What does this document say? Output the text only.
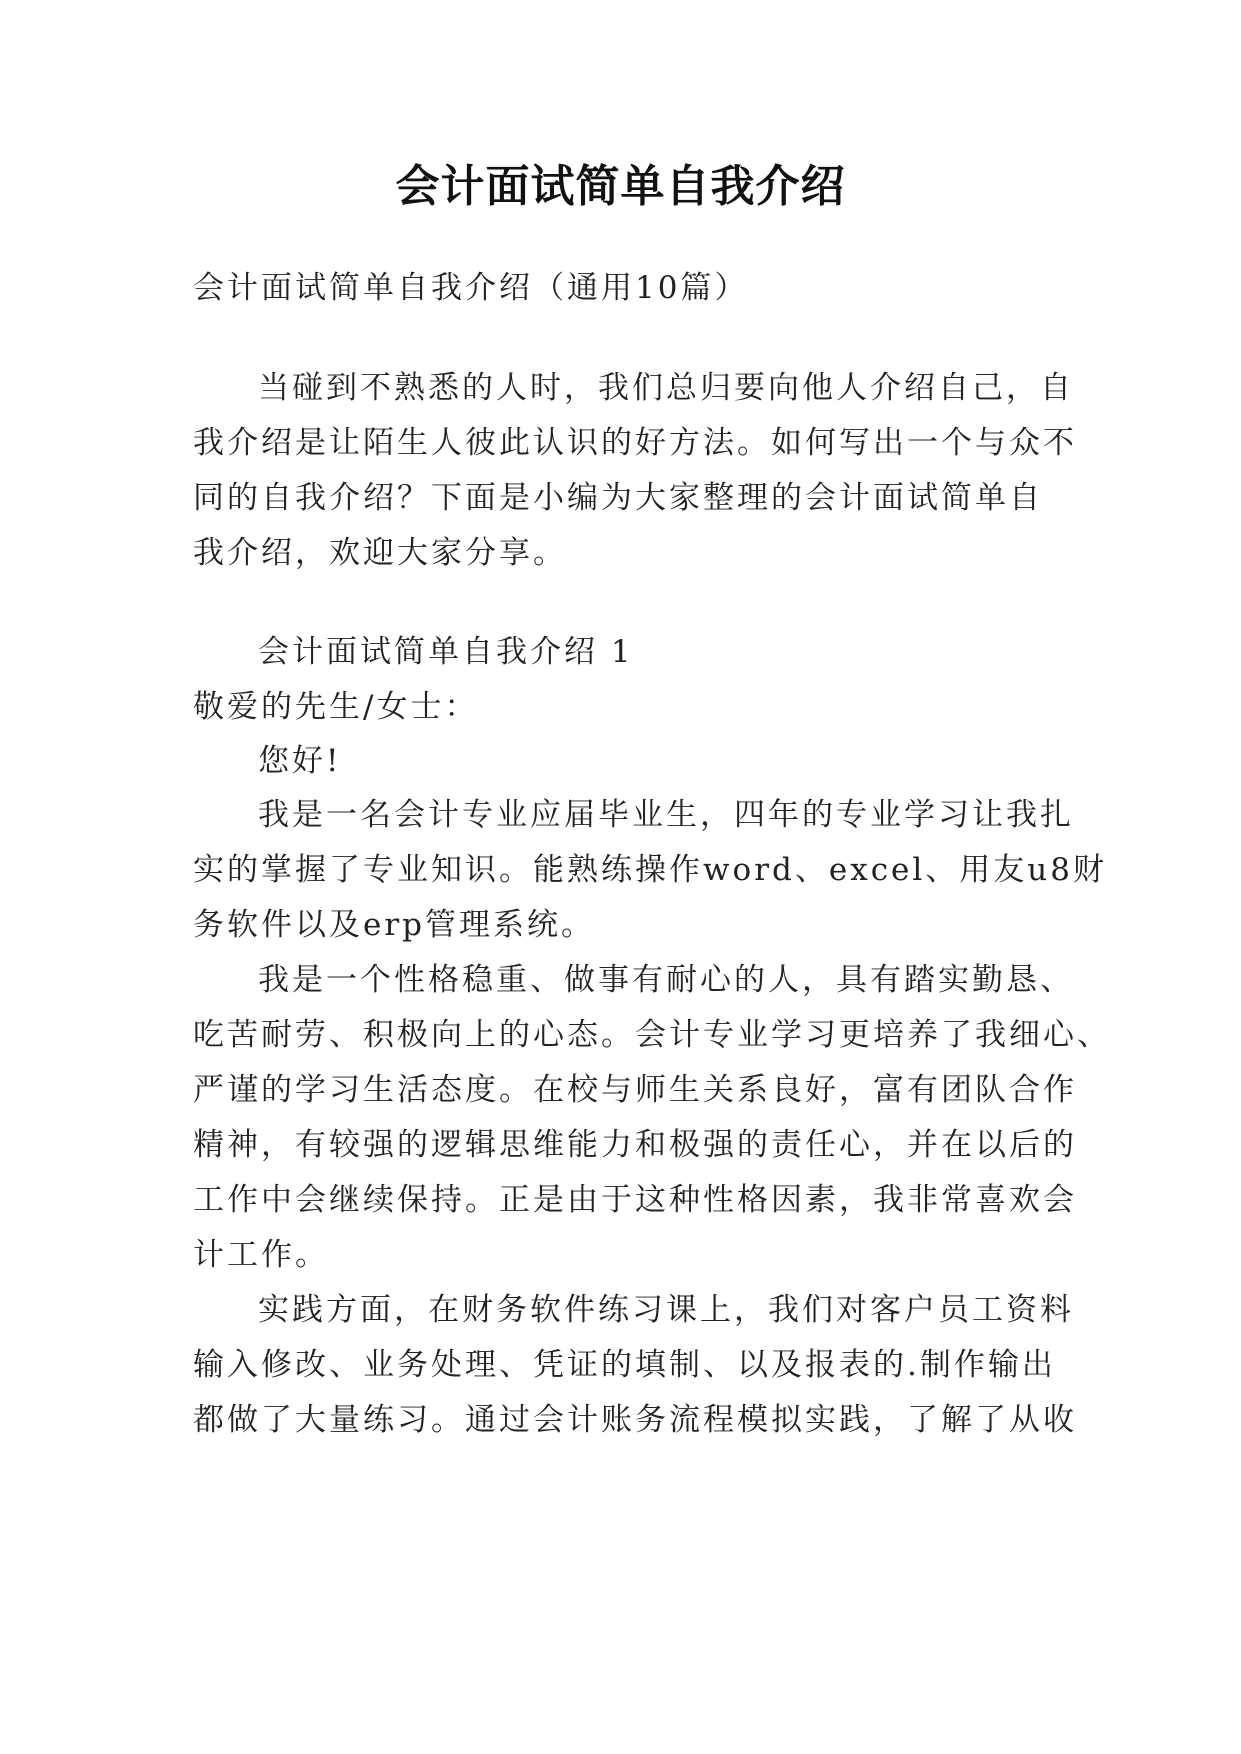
会计面试简单自我介绍
会计面试简单自我介绍（通用10篇）
当碰到不熟悉的人时，我们总归要向他人介绍自己，自
我介绍是让陌生人彼此认识的好方法。如何写出一个与众不
同的自我介绍？下面是小编为大家整理的会计面试简单自
我介绍，欢迎大家分享。
会计面试简单自我介绍 1
敬爱的先生/女士：
您好!
我是一名会计专业应届毕业生，四年的专业学习让我扎
实的掌握了专业知识。能熟练操作word、excel、用友u8财
务软件以及erp管理系统。
我是一个性格稳重、做事有耐心的人，具有踏实勤恳、
吃苦耐劳、积极向上的心态。会计专业学习更培养了我细心、
严谨的学习生活态度。在校与师生关系良好，富有团队合作
精神，有较强的逻辑思维能力和极强的责任心，并在以后的
工作中会继续保持。正是由于这种性格因素，我非常喜欢会
计工作。
实践方面，在财务软件练习课上，我们对客户员工资料
输入修改、业务处理、凭证的填制、以及报表的.制作输出
都做了大量练习。通过会计账务流程模拟实践，了解了从收
